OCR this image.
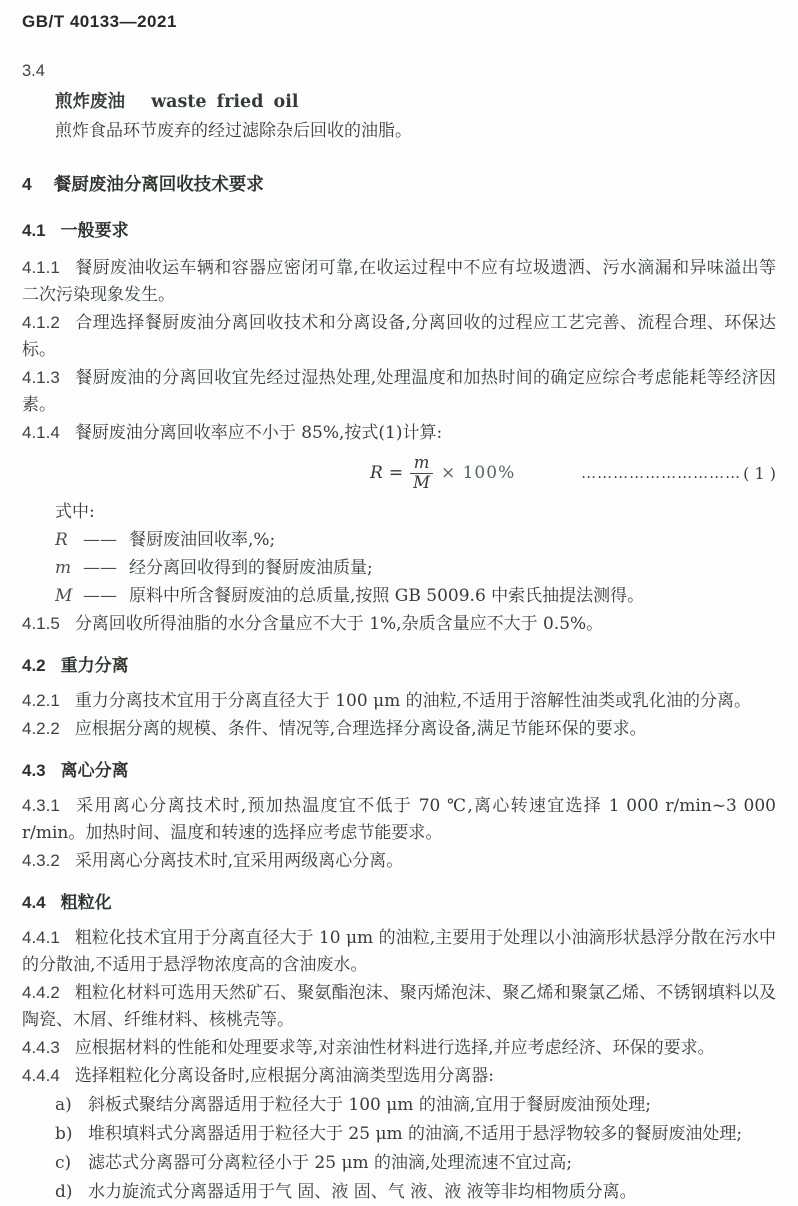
GB/T 40133—2021
3.4
煎炸废油 waste fried oil
煎炸食品环节废弃的经过滤除杂后回收的油脂。
4 餐厨废油分离回收技术要求
4.1 一般要求

4.1.1 餐厨废油收运车辆和容器应密闭可靠,在收运过程中不应有垃圾遗洒、污水滴漏和异味溢出等二次污染现象发生。

4.1.2 合理选择餐厨废油分离回收技术和分离设备,分离回收的过程应工艺完善、流程合理、环保达标。

4.1.3 餐厨废油的分离回收宜先经过湿热处理,处理温度和加热时间的确定应综合考虑能耗等经济因素。

4.1.4 餐厨废油分离回收率应不小于 85%,按式(1)计算:

$R = \frac{m}{M} \times 100\%$	………………………… ( 1 )
式中:
R —— 餐厨废油回收率,%;
m —— 经分离回收得到的餐厨废油质量;
M —— 原料中所含餐厨废油的总质量,按照 GB 5009.6 中索氏抽提法测得。

4.1.5 分离回收所得油脂的水分含量应不大于 1%,杂质含量应不大于 0.5%。

4.2 重力分离

4.2.1 重力分离技术宜用于分离直径大于 100 μm 的油粒,不适用于溶解性油类或乳化油的分离。

4.2.2 应根据分离的规模、条件、情况等,合理选择分离设备,满足节能环保的要求。

4.3 离心分离

4.3.1 采用离心分离技术时,预加热温度宜不低于 70 ℃,离心转速宜选择 1 000 r/min~3 000 r/min。加热时间、温度和转速的选择应考虑节能要求。

4.3.2 采用离心分离技术时,宜采用两级离心分离。

4.4 粗粒化

4.4.1 粗粒化技术宜用于分离直径大于 10 μm 的油粒,主要用于处理以小油滴形状悬浮分散在污水中的分散油,不适用于悬浮物浓度高的含油废水。

4.4.2 粗粒化材料可选用天然矿石、聚氨酯泡沫、聚丙烯泡沫、聚乙烯和聚氯乙烯、不锈钢填料以及陶瓷、木屑、纤维材料、核桃壳等。

4.4.3 应根据材料的性能和处理要求等,对亲油性材料进行选择,并应考虑经济、环保的要求。

4.4.4 选择粗粒化分离设备时,应根据分离油滴类型选用分离器:

a) 斜板式聚结分离器适用于粒径大于 100 μm 的油滴,宜用于餐厨废油预处理;
b) 堆积填料式分离器适用于粒径大于 25 μm 的油滴,不适用于悬浮物较多的餐厨废油处理;
c) 滤芯式分离器可分离粒径小于 25 μm 的油滴,处理流速不宜过高;
d) 水力旋流式分离器适用于气 固、液 固、气 液、液 液等非均相物质分离。
